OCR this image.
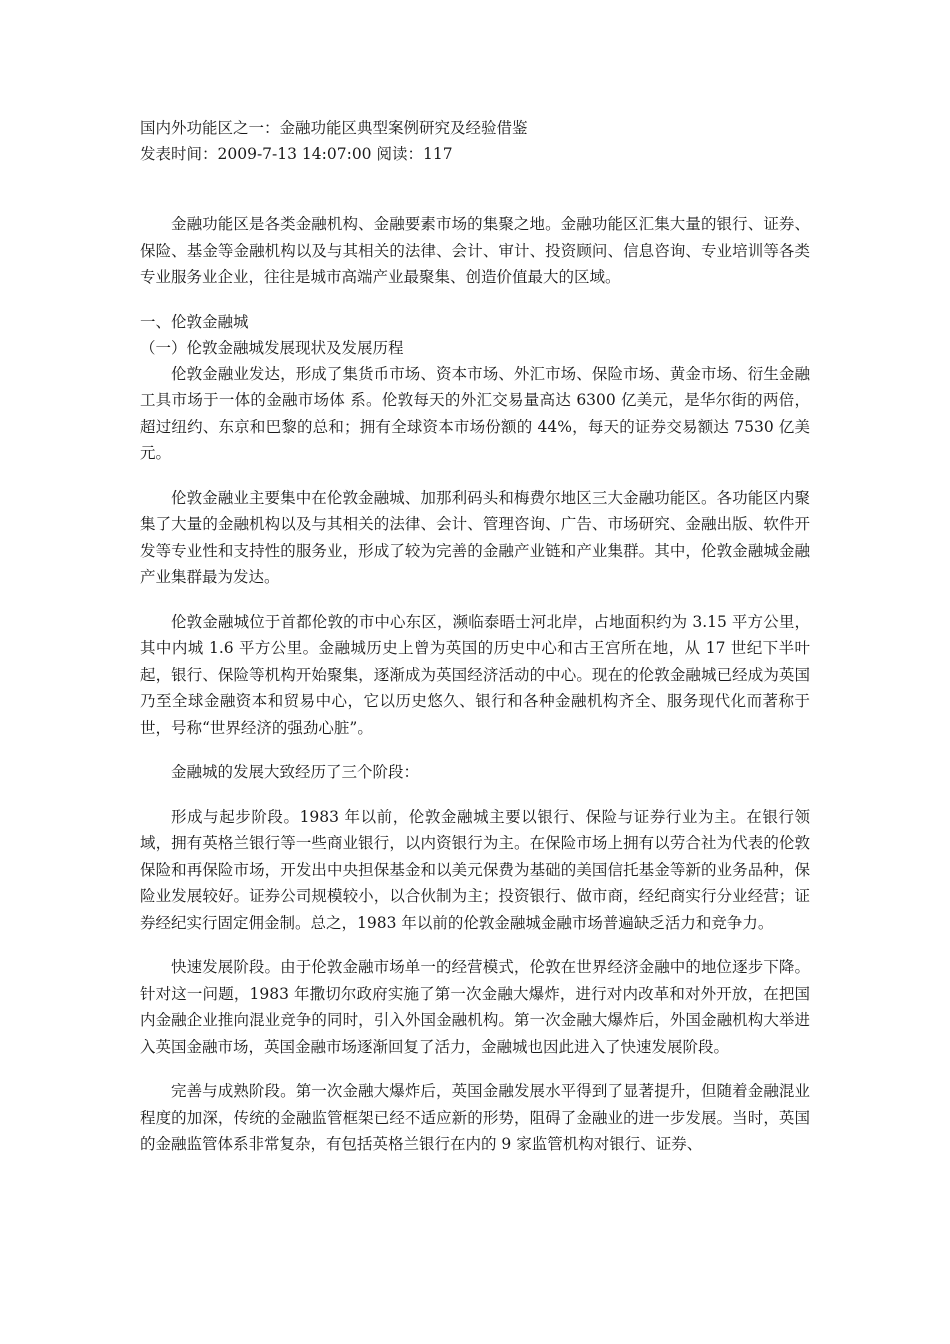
国内外功能区之一：金融功能区典型案例研究及经验借鉴

发表时间：2009-7-13 14:07:00 阅读：117

金融功能区是各类金融机构、金融要素市场的集聚之地。金融功能区汇集大量的银行、证券、保险、基金等金融机构以及与其相关的法律、会计、审计、投资顾问、信息咨询、专业培训等各类专业服务业企业，往往是城市高端产业最聚集、创造价值最大的区域。

一、伦敦金融城

（一）伦敦金融城发展现状及发展历程

伦敦金融业发达，形成了集货币市场、资本市场、外汇市场、保险市场、黄金市场、衍生金融工具市场于一体的金融市场体 系。伦敦每天的外汇交易量高达 6300 亿美元，是华尔街的两倍，超过纽约、东京和巴黎的总和；拥有全球资本市场份额的 44%，每天的证券交易额达 7530 亿美元。

伦敦金融业主要集中在伦敦金融城、加那利码头和梅费尔地区三大金融功能区。各功能区内聚集了大量的金融机构以及与其相关的法律、会计、管理咨询、广告、市场研究、金融出版、软件开发等专业性和支持性的服务业，形成了较为完善的金融产业链和产业集群。其中，伦敦金融城金融产业集群最为发达。

伦敦金融城位于首都伦敦的市中心东区，濒临泰晤士河北岸，占地面积约为 3.15 平方公里，其中内城 1.6 平方公里。金融城历史上曾为英国的历史中心和古王宫所在地，从 17 世纪下半叶起，银行、保险等机构开始聚集，逐渐成为英国经济活动的中心。现在的伦敦金融城已经成为英国乃至全球金融资本和贸易中心，它以历史悠久、银行和各种金融机构齐全、服务现代化而著称于世，号称“世界经济的强劲心脏”。

金融城的发展大致经历了三个阶段：

形成与起步阶段。1983 年以前，伦敦金融城主要以银行、保险与证券行业为主。在银行领域，拥有英格兰银行等一些商业银行，以内资银行为主。在保险市场上拥有以劳合社为代表的伦敦保险和再保险市场，开发出中央担保基金和以美元保费为基础的美国信托基金等新的业务品种，保险业发展较好。证券公司规模较小，以合伙制为主；投资银行、做市商，经纪商实行分业经营；证券经纪实行固定佣金制。总之，1983 年以前的伦敦金融城金融市场普遍缺乏活力和竞争力。

快速发展阶段。由于伦敦金融市场单一的经营模式，伦敦在世界经济金融中的地位逐步下降。针对这一问题，1983 年撒切尔政府实施了第一次金融大爆炸，进行对内改革和对外开放，在把国内金融企业推向混业竞争的同时，引入外国金融机构。第一次金融大爆炸后，外国金融机构大举进入英国金融市场，英国金融市场逐渐回复了活力，金融城也因此进入了快速发展阶段。

完善与成熟阶段。第一次金融大爆炸后，英国金融发展水平得到了显著提升，但随着金融混业程度的加深，传统的金融监管框架已经不适应新的形势，阻碍了金融业的进一步发展。当时，英国的金融监管体系非常复杂，有包括英格兰银行在内的 9 家监管机构对银行、证券、
